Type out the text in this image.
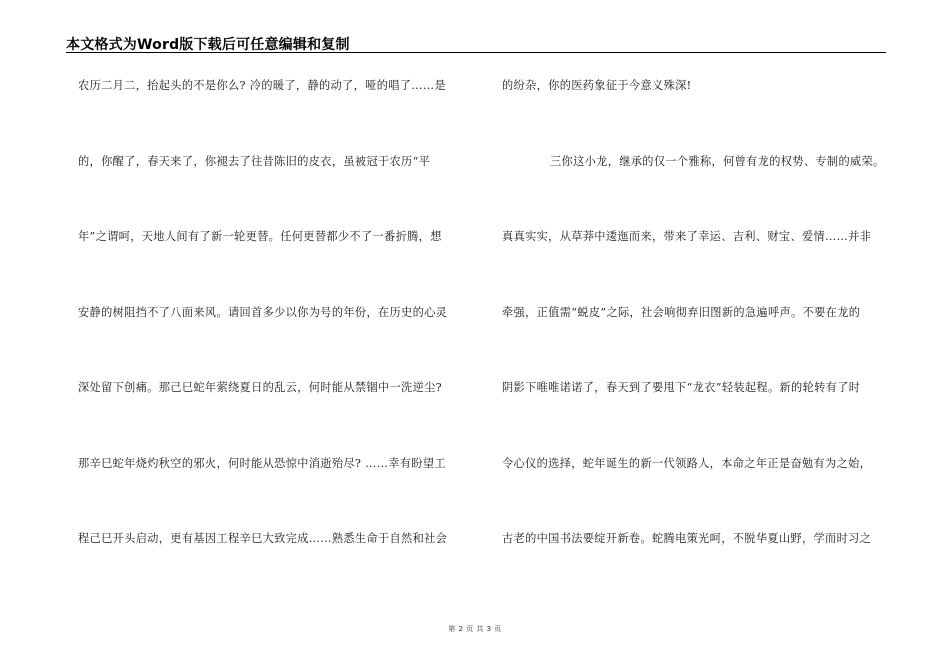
本文格式为Word版下载后可任意编辑和复制
农历二月二，抬起头的不是你么? 冷的暖了，静的动了，哑的唱了……是
的，你醒了，春天来了，你褪去了往昔陈旧的皮衣，虽被冠于农历“平
年”之谓呵，天地人间有了新一轮更替。任何更替都少不了一番折腾，想
安静的树阻挡不了八面来风。请回首多少以你为号的年份，在历史的心灵
深处留下创痛。那己巳蛇年萦绕夏日的乱云，何时能从禁锢中一洗逆尘?
那辛巳蛇年烧灼秋空的邪火，何时能从恐惊中消逝殆尽? ……幸有盼望工
程己巳开头启动，更有基因工程辛巳大致完成……熟悉生命于自然和社会
的纷杂，你的医药象征于今意义殊深!
三你这小龙，继承的仅一个雅称，何曾有龙的权势、专制的威荣。
真真实实，从草莽中逶迤而来，带来了幸运、吉利、财宝、爱情……并非
牵强，正值需“蜕皮”之际，社会响彻弃旧图新的急遍呼声。不要在龙的
阴影下唯唯诺诺了，春天到了要甩下“龙衣”轻装起程。新的轮转有了时
令心仪的选择，蛇年诞生的新一代领路人，本命之年正是奋勉有为之始，
古老的中国书法要绽开新卷。蛇腾电策光呵，不脱华夏山野，学而时习之
第 2 页 共 3 页
